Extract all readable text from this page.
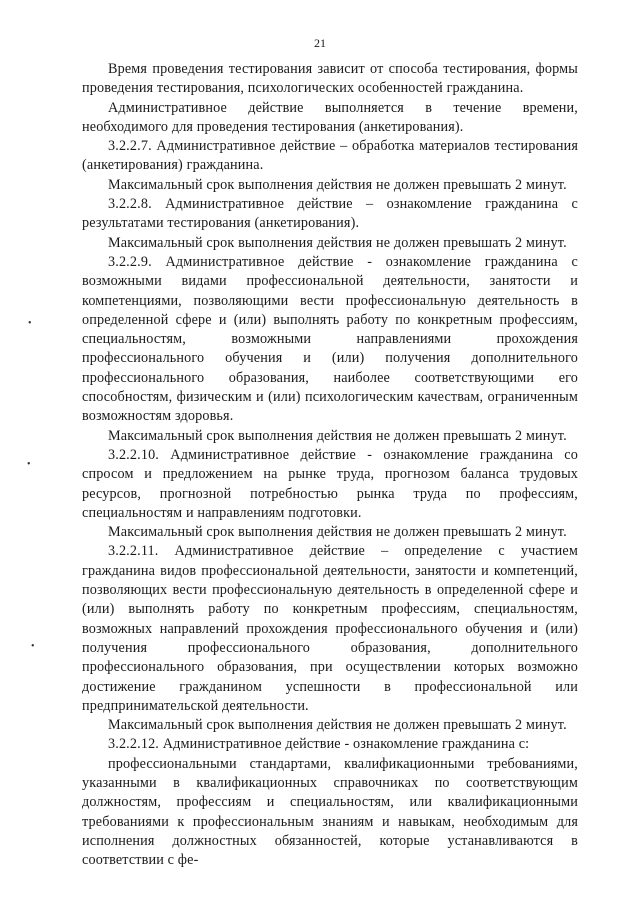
21
•
•
•

Время проведения тестирования зависит от способа тестирования, формы проведения тестирования, психологических особенностей гражданина.

Административное действие выполняется в течение времени, необходимого для проведения тестирования (анкетирования).

3.2.2.7. Административное действие – обработка материалов тестирования (анкетирования) гражданина.

Максимальный срок выполнения действия не должен превышать 2 минут.

3.2.2.8. Административное действие – ознакомление гражданина с результатами тестирования (анкетирования).

Максимальный срок выполнения действия не должен превышать 2 минут.

3.2.2.9. Административное действие - ознакомление гражданина с возможными видами профессиональной деятельности, занятости и компетенциями, позволяющими вести профессиональную деятельность в определенной сфере и (или) выполнять работу по конкретным профессиям, специальностям, возможными направлениями прохождения профессионального обучения и (или) получения дополнительного профессионального образования, наиболее соответствующими его способностям, физическим и (или) психологическим качествам, ограниченным возможностям здоровья.

Максимальный срок выполнения действия не должен превышать 2 минут.

3.2.2.10. Административное действие - ознакомление гражданина со спросом и предложением на рынке труда, прогнозом баланса трудовых ресурсов, прогнозной потребностью рынка труда по профессиям, специальностям и направлениям подготовки.

Максимальный срок выполнения действия не должен превышать 2 минут.

3.2.2.11. Административное действие – определение с участием гражданина видов профессиональной деятельности, занятости и компетенций, позволяющих вести профессиональную деятельность в определенной сфере и (или) выполнять работу по конкретным профессиям, специальностям, возможных направлений прохождения профессионального обучения и (или) получения профессионального образования, дополнительного профессионального образования, при осуществлении которых возможно достижение гражданином успешности в профессиональной или предпринимательской деятельности.

Максимальный срок выполнения действия не должен превышать 2 минут.

3.2.2.12. Административное действие - ознакомление гражданина с:

профессиональными стандартами, квалификационными требованиями, указанными в квалификационных справочниках по соответствующим должностям, профессиям и специальностям, или квалификационными требованиями к профессиональным знаниям и навыкам, необходимым для исполнения должностных обязанностей, которые устанавливаются в соответствии с фе-
